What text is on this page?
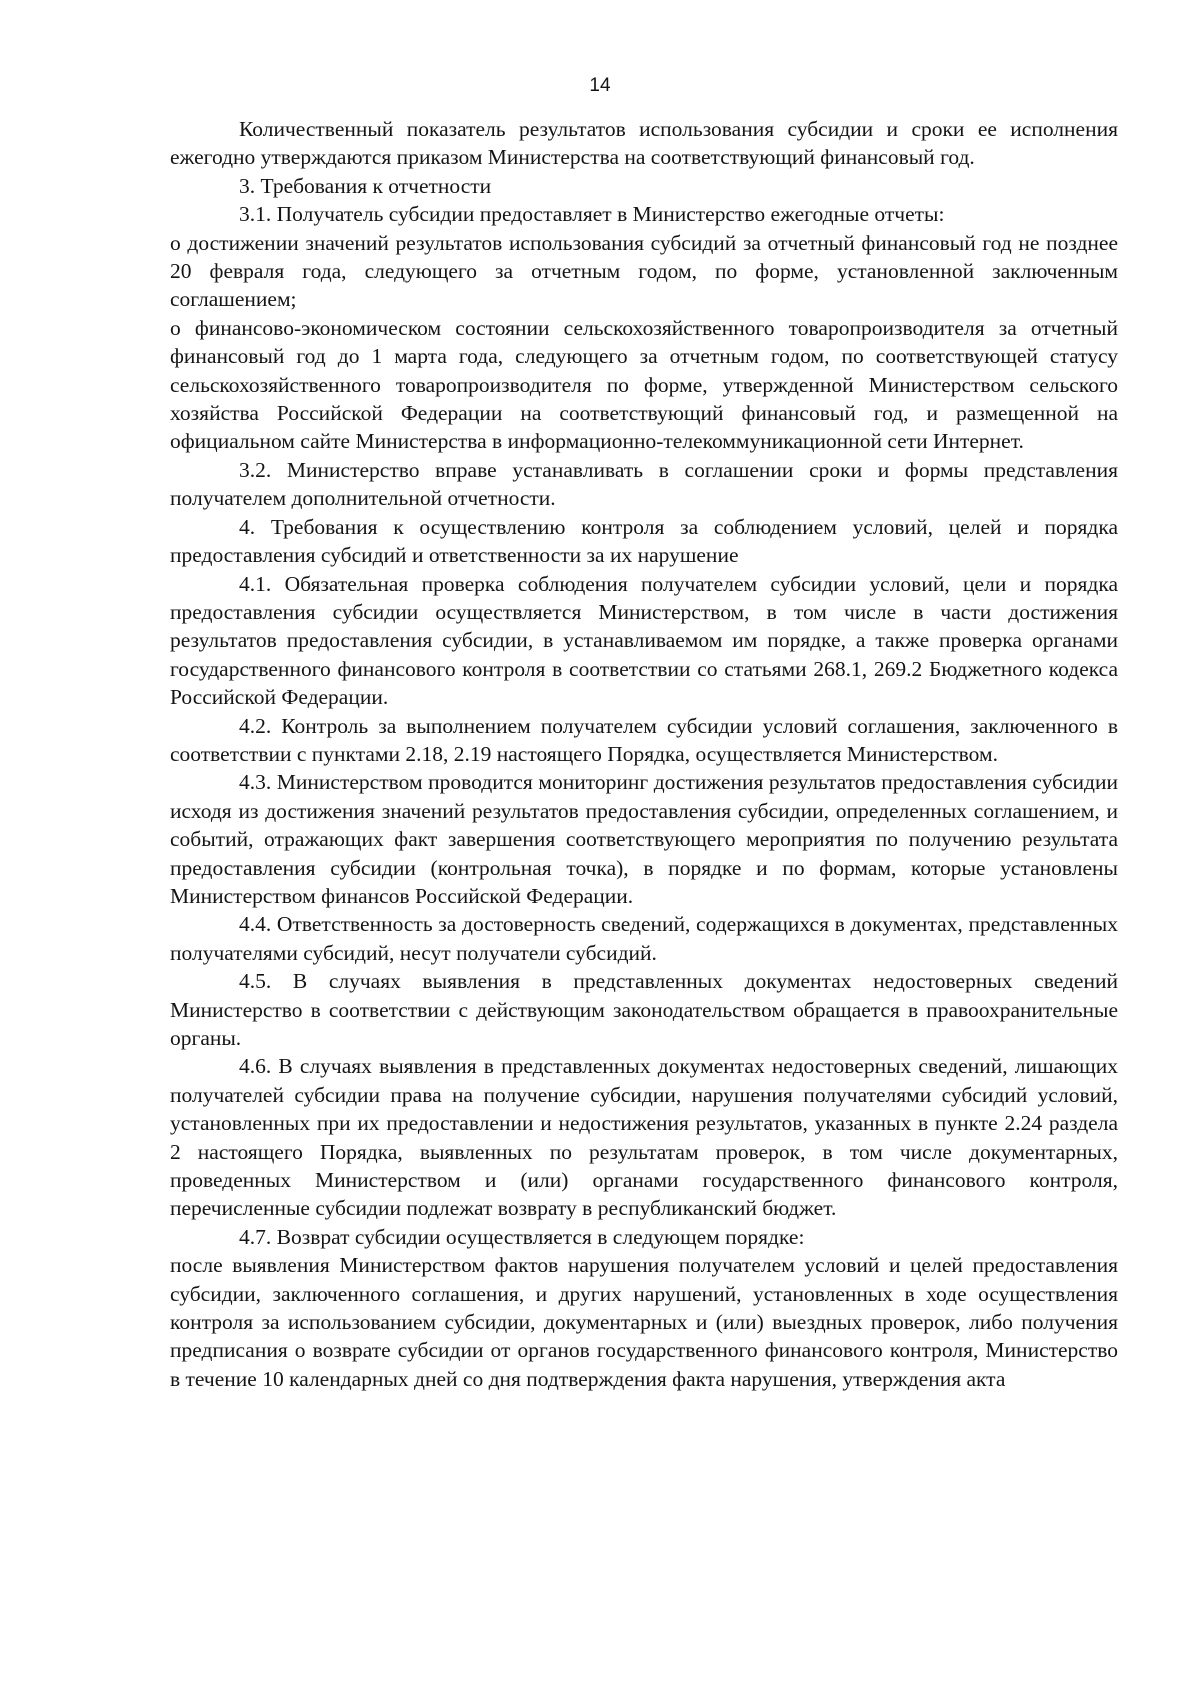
14

Количественный показатель результатов использования субсидии и сроки ее исполнения ежегодно утверждаются приказом Министерства на соответствующий финансовый год.

3. Требования к отчетности

3.1. Получатель субсидии предоставляет в Министерство ежегодные отчеты:

о достижении значений результатов использования субсидий за отчетный финансовый год не позднее 20 февраля года, следующего за отчетным годом, по форме, установленной заключенным соглашением;

о финансово-экономическом состоянии сельскохозяйственного товаропроизводителя за отчетный финансовый год до 1 марта года, следующего за отчетным годом, по соответствующей статусу сельскохозяйственного товаропроизводителя по форме, утвержденной Министерством сельского хозяйства Российской Федерации на соответствующий финансовый год, и размещенной на официальном сайте Министерства в информационно-телекоммуникационной сети Интернет.

3.2. Министерство вправе устанавливать в соглашении сроки и формы представления получателем дополнительной отчетности.

4. Требования к осуществлению контроля за соблюдением условий, целей и порядка предоставления субсидий и ответственности за их нарушение

4.1. Обязательная проверка соблюдения получателем субсидии условий, цели и порядка предоставления субсидии осуществляется Министерством, в том числе в части достижения результатов предоставления субсидии, в устанавливаемом им порядке, а также проверка органами государственного финансового контроля в соответствии со статьями 268.1, 269.2 Бюджетного кодекса Российской Федерации.

4.2. Контроль за выполнением получателем субсидии условий соглашения, заключенного в соответствии с пунктами 2.18, 2.19 настоящего Порядка, осуществляется Министерством.

4.3. Министерством проводится мониторинг достижения результатов предоставления субсидии исходя из достижения значений результатов предоставления субсидии, определенных соглашением, и событий, отражающих факт завершения соответствующего мероприятия по получению результата предоставления субсидии (контрольная точка), в порядке и по формам, которые установлены Министерством финансов Российской Федерации.

4.4. Ответственность за достоверность сведений, содержащихся в документах, представленных получателями субсидий, несут получатели субсидий.

4.5. В случаях выявления в представленных документах недостоверных сведений Министерство в соответствии с действующим законодательством обращается в правоохранительные органы.

4.6. В случаях выявления в представленных документах недостоверных сведений, лишающих получателей субсидии права на получение субсидии, нарушения получателями субсидий условий, установленных при их предоставлении и недостижения результатов, указанных в пункте 2.24 раздела 2 настоящего Порядка, выявленных по результатам проверок, в том числе документарных, проведенных Министерством и (или) органами государственного финансового контроля, перечисленные субсидии подлежат возврату в республиканский бюджет.

4.7. Возврат субсидии осуществляется в следующем порядке:

после выявления Министерством фактов нарушения получателем условий и целей предоставления субсидии, заключенного соглашения, и других нарушений, установленных в ходе осуществления контроля за использованием субсидии, документарных и (или) выездных проверок, либо получения предписания о возврате субсидии от органов государственного финансового контроля, Министерство в течение 10 календарных дней со дня подтверждения факта нарушения, утверждения акта
